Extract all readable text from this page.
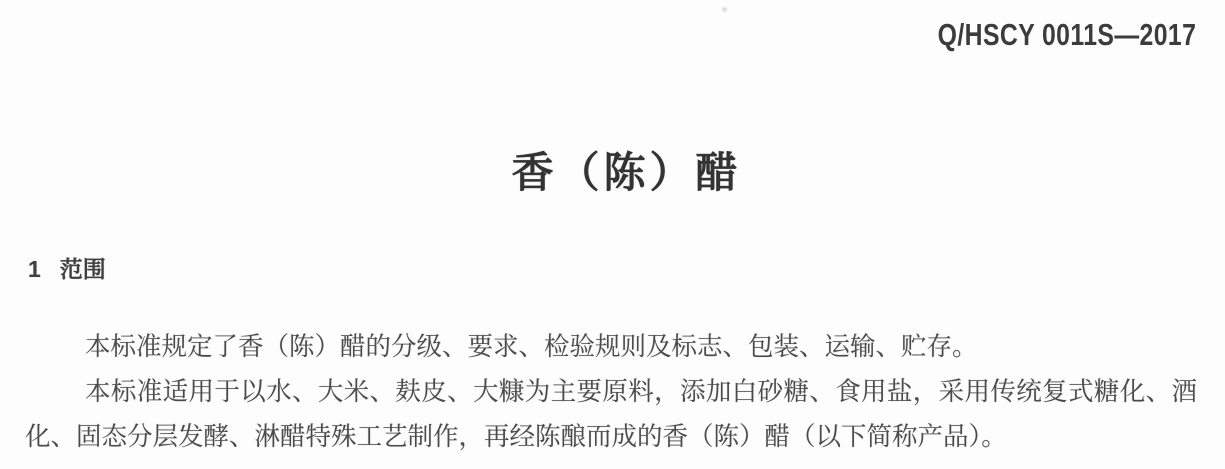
Q/HSCY 0011S—2017
香（陈）醋
1 范围

本标准规定了香（陈）醋的分级、要求、检验规则及标志、包装、运输、贮存。

本标准适用于以水、大米、麸皮、大糠为主要原料，添加白砂糖、食用盐，采用传统复式糖化、酒化、固态分层发酵、淋醋特殊工艺制作，再经陈酿而成的香（陈）醋（以下简称产品）。
